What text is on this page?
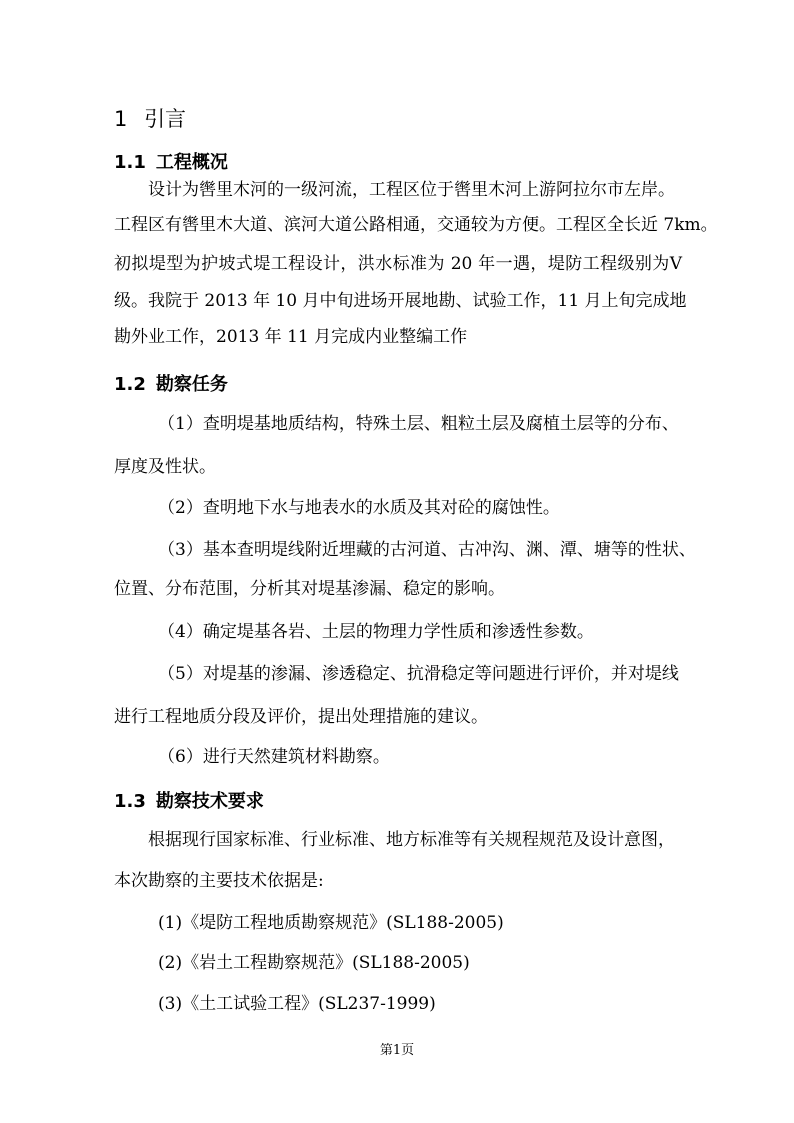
1 引言
1.1 工程概况
设计为辔里木河的一级河流，工程区位于辔里木河上游阿拉尔市左岸。
工程区有辔里木大道、滨河大道公路相通，交通较为方便。工程区全长近 7km。
初拟堤型为护坡式堤工程设计，洪水标准为 20 年一遇，堤防工程级别为Ⅴ
级。我院于 2013 年 10 月中旬进场开展地勘、试验工作，11 月上旬完成地
勘外业工作，2013 年 11 月完成内业整编工作
1.2 勘察任务
（1）查明堤基地质结构，特殊土层、粗粒土层及腐植土层等的分布、
厚度及性状。
（2）查明地下水与地表水的水质及其对砼的腐蚀性。
（3）基本查明堤线附近埋藏的古河道、古冲沟、渊、潭、塘等的性状、
位置、分布范围，分析其对堤基渗漏、稳定的影响。
（4）确定堤基各岩、土层的物理力学性质和渗透性参数。
（5）对堤基的渗漏、渗透稳定、抗滑稳定等问题进行评价，并对堤线
进行工程地质分段及评价，提出处理措施的建议。
（6）进行天然建筑材料勘察。
1.3 勘察技术要求
根据现行国家标准、行业标准、地方标准等有关规程规范及设计意图，
本次勘察的主要技术依据是:
(1)《堤防工程地质勘察规范》(SL188-2005)
(2)《岩土工程勘察规范》(SL188-2005)
(3)《土工试验工程》(SL237-1999)
第1页
